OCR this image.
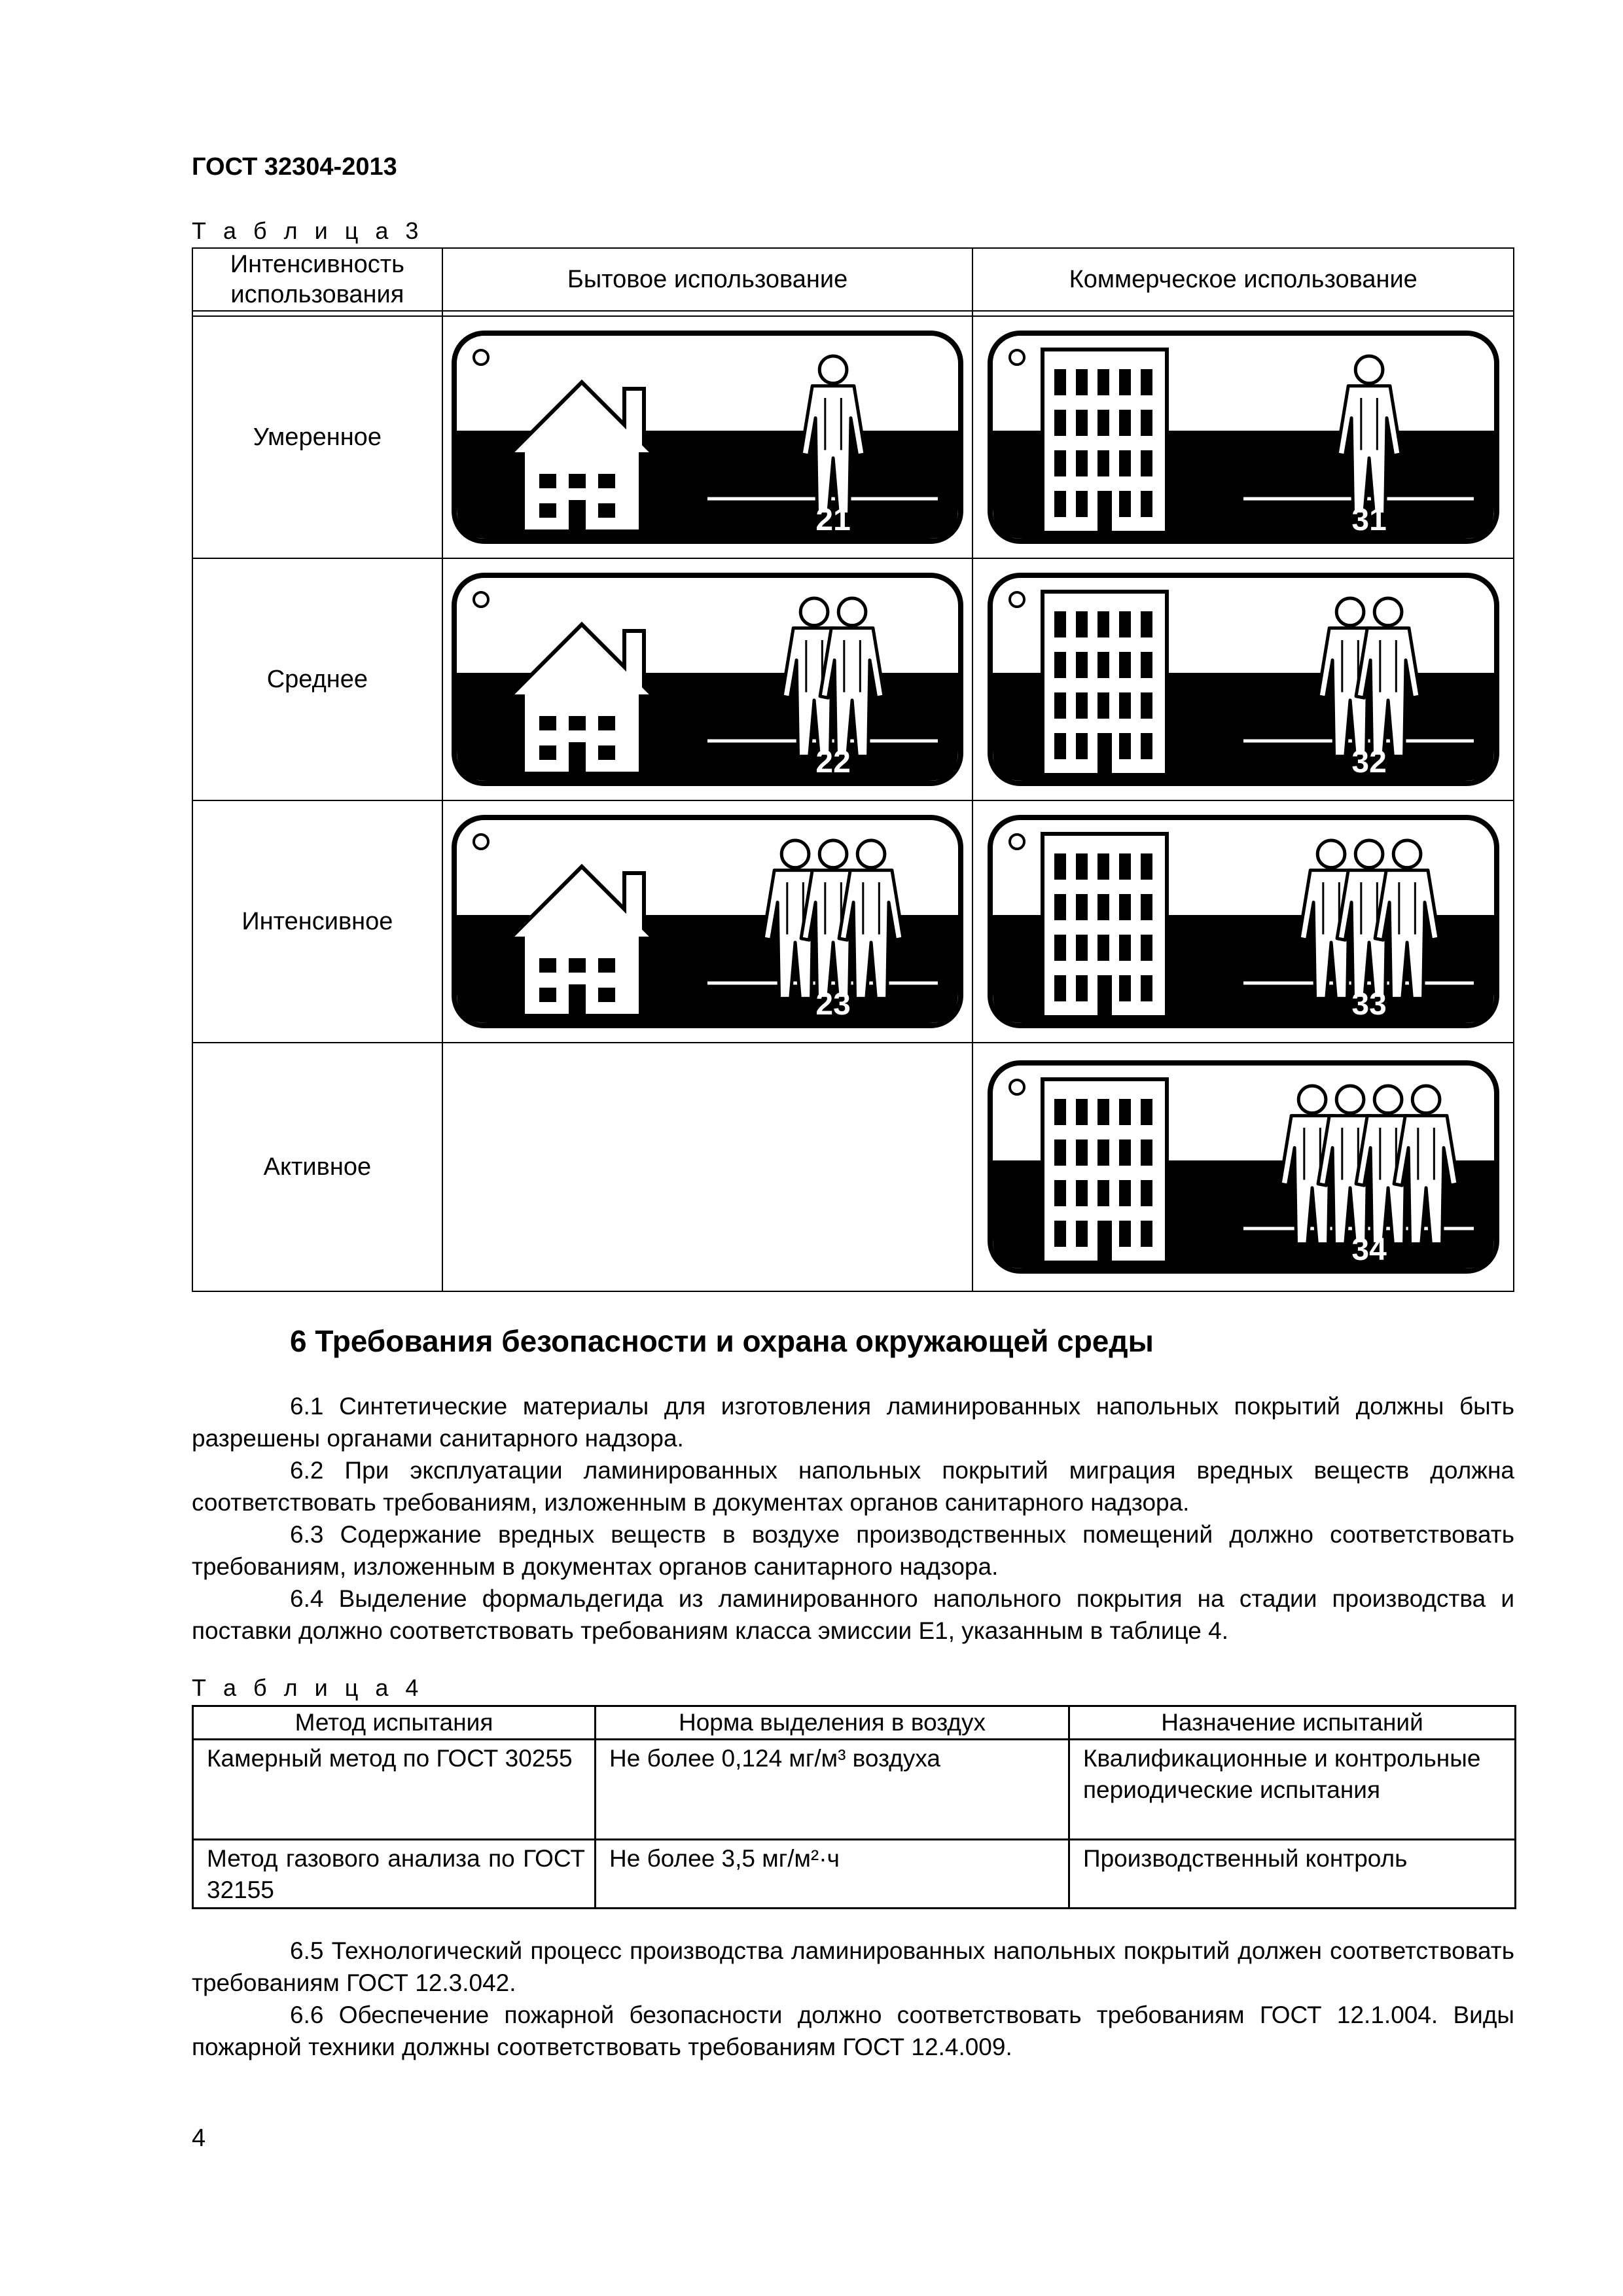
ГОСТ 32304-2013
Т а б л и ц а 3
Интенсивность использования	Бытовое использование	Коммерческое использование

Умеренное	21	31

Среднее	22	32

Интенсивное	23	33

Активное		34
6 Требования безопасности и охрана окружающей среды
6.1 Синтетические материалы для изготовления ламинированных напольных покрытий должны быть разрешены органами санитарного надзора.
6.2 При эксплуатации ламинированных напольных покрытий миграция вредных веществ должна соответствовать требованиям, изложенным в документах органов санитарного надзора.
6.3 Содержание вредных веществ в воздухе производственных помещений должно соответствовать требованиям, изложенным в документах органов санитарного надзора.
6.4 Выделение формальдегида из ламинированного напольного покрытия на стадии производства и поставки должно соответствовать требованиям класса эмиссии Е1, указанным в таблице 4.
Т а б л и ц а 4
Метод испытания	Норма выделения в воздух	Назначение испытаний
Камерный метод по ГОСТ 30255	Не более 0,124 мг/м³ воздуха	Квалификационные и контрольные периодические испытания
Метод газового анализа по ГОСТ 32155	Не более 3,5 мг/м²·ч	Производственный контроль
6.5 Технологический процесс производства ламинированных напольных покрытий должен соответствовать требованиям ГОСТ 12.3.042.
6.6 Обеспечение пожарной безопасности должно соответствовать требованиям ГОСТ 12.1.004. Виды пожарной техники должны соответствовать требованиям ГОСТ 12.4.009.
4
